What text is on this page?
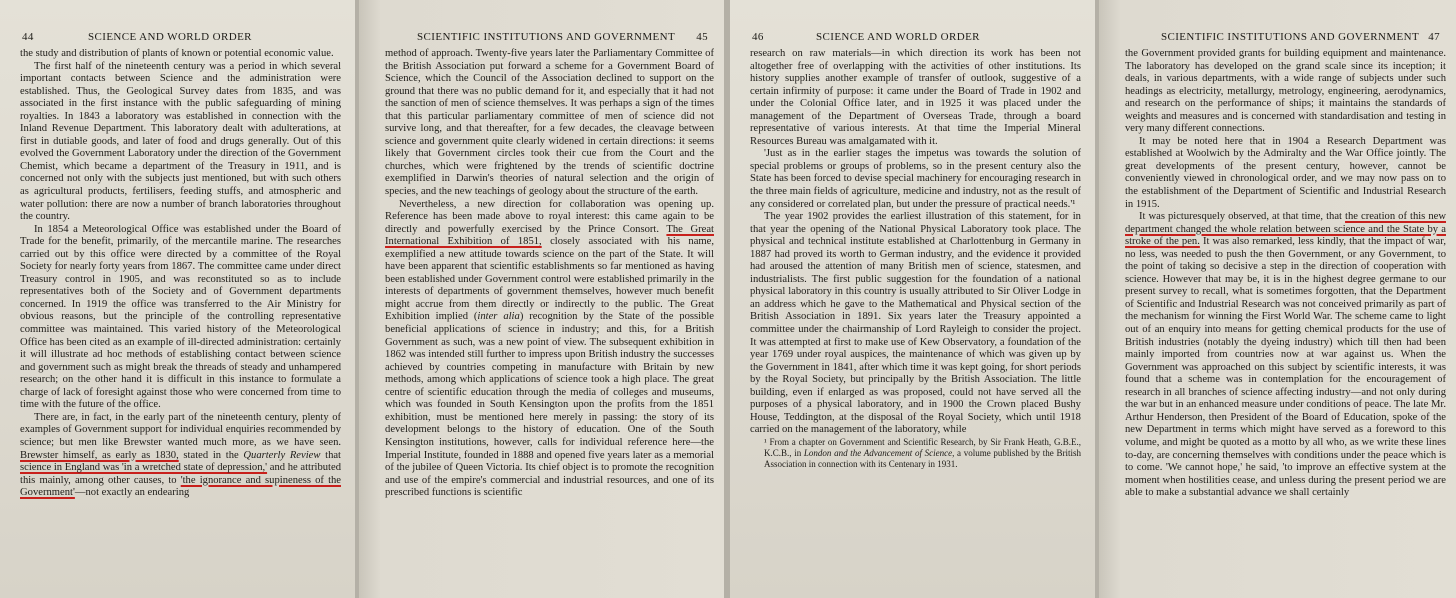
44	SCIENCE AND WORLD ORDER

the study and distribution of plants of known or potential economic value.

The first half of the nineteenth century was a period in which several important contacts between Science and the administration were established. Thus, the Geological Survey dates from 1835, and was associated in the first instance with the public safeguarding of mining royalties. In 1843 a laboratory was established in connection with the Inland Revenue Department. This laboratory dealt with adulterations, at first in dutiable goods, and later of food and drugs generally. Out of this evolved the Government Laboratory under the direction of the Government Chemist, which became a department of the Treasury in 1911, and is concerned not only with the subjects just mentioned, but with such others as agricultural products, fertilisers, feeding stuffs, and atmospheric and water pollution: there are now a number of branch laboratories throughout the country.

In 1854 a Meteorological Office was established under the Board of Trade for the benefit, primarily, of the mercantile marine. The researches carried out by this office were directed by a committee of the Royal Society for nearly forty years from 1867. The committee came under direct Treasury control in 1905, and was reconstituted so as to include representatives both of the Society and of Government departments concerned. In 1919 the office was transferred to the Air Ministry for obvious reasons, but the principle of the controlling representative committee was maintained. This varied history of the Meteorological Office has been cited as an example of ill-directed administration: certainly it will illustrate ad hoc methods of establishing contact between science and government such as might break the threads of steady and unhampered research; on the other hand it is difficult in this instance to formulate a charge of lack of foresight against those who were concerned from time to time with the future of the office.

There are, in fact, in the early part of the nineteenth century, plenty of examples of Government support for individual enquiries recommended by science; but men like Brewster wanted much more, as we have seen. Brewster himself, as early as 1830, stated in the Quarterly Review that science in England was 'in a wretched state of depression,' and he attributed this mainly, among other causes, to 'the ignorance and supineness of the Government'—not exactly an endearing

SCIENTIFIC INSTITUTIONS AND GOVERNMENT 45

method of approach. Twenty-five years later the Parliamentary Committee of the British Association put forward a scheme for a Government Board of Science, which the Council of the Association declined to support on the ground that there was no public demand for it, and especially that it had not the sanction of men of science themselves. It was perhaps a sign of the times that this particular parliamentary committee of men of science did not survive long, and that thereafter, for a few decades, the cleavage between science and government quite clearly widened in certain directions: it seems likely that Government circles took their cue from the Court and the churches, which were frightened by the trends of scientific doctrine exemplified in Darwin's theories of natural selection and the origin of species, and the new teachings of geology about the structure of the earth.

Nevertheless, a new direction for collaboration was opening up. Reference has been made above to royal interest: this came again to be directly and powerfully exercised by the Prince Consort. The Great International Exhibition of 1851, closely associated with his name, exemplified a new attitude towards science on the part of the State. It will have been apparent that scientific establishments so far mentioned as having been established under Government control were established primarily in the interests of departments of government themselves, however much benefit might accrue from them directly or indirectly to the public. The Great Exhibition implied (inter alia) recognition by the State of the possible beneficial applications of science in industry; and this, for a British Government as such, was a new point of view. The subsequent exhibition in 1862 was intended still further to impress upon British industry the successes achieved by countries competing in manufacture with Britain by new methods, among which applications of science took a high place. The great centre of scientific education through the media of colleges and museums, which was founded in South Kensington upon the profits from the 1851 exhibition, must be mentioned here merely in passing: the story of its development belongs to the history of education. One of the South Kensington institutions, however, calls for individual reference here—the Imperial Institute, founded in 1888 and opened five years later as a memorial of the jubilee of Queen Victoria. Its chief object is to promote the recognition and use of the empire's commercial and industrial resources, and one of its prescribed functions is scientific

46	SCIENCE AND WORLD ORDER

research on raw materials—in which direction its work has been not altogether free of overlapping with the activities of other institutions. Its history supplies another example of transfer of outlook, suggestive of a certain infirmity of purpose: it came under the Board of Trade in 1902 and under the Colonial Office later, and in 1925 it was placed under the management of the Department of Overseas Trade, through a board representative of various interests. At that time the Imperial Mineral Resources Bureau was amalgamated with it.

'Just as in the earlier stages the impetus was towards the solution of special problems or groups of problems, so in the present century also the State has been forced to devise special machinery for encouraging research in the three main fields of agriculture, medicine and industry, not as the result of any considered or correlated plan, but under the pressure of practical needs.'¹

The year 1902 provides the earliest illustration of this statement, for in that year the opening of the National Physical Laboratory took place. The physical and technical institute established at Charlottenburg in Germany in 1887 had proved its worth to German industry, and the evidence it provided had aroused the attention of many British men of science, statesmen, and industrialists. The first public suggestion for the foundation of a national physical laboratory in this country is usually attributed to Sir Oliver Lodge in an address which he gave to the Mathematical and Physical section of the British Association in 1891. Six years later the Treasury appointed a committee under the chairmanship of Lord Rayleigh to consider the project. It was attempted at first to make use of Kew Observatory, a foundation of the year 1769 under royal auspices, the maintenance of which was given up by the Government in 1841, after which time it was kept going, for short periods by the Royal Society, but principally by the British Association. The little building, even if enlarged as was proposed, could not have served all the purposes of a physical laboratory, and in 1900 the Crown placed Bushy House, Teddington, at the disposal of the Royal Society, which until 1918 carried on the management of the laboratory, while

¹ From a chapter on Government and Scientific Research, by Sir Frank Heath, G.B.E., K.C.B., in London and the Advancement of Science, a volume published by the British Association in connection with its Centenary in 1931.

SCIENTIFIC INSTITUTIONS AND GOVERNMENT 47

the Government provided grants for building equipment and maintenance. The laboratory has developed on the grand scale since its inception; it deals, in various departments, with a wide range of subjects under such headings as electricity, metallurgy, metrology, engineering, aerodynamics, and research on the performance of ships; it maintains the standards of weights and measures and is concerned with standardisation and testing in very many different connections.

It may be noted here that in 1904 a Research Department was established at Woolwich by the Admiralty and the War Office jointly. The great developments of the present century, however, cannot be conveniently viewed in chronological order, and we may now pass on to the establishment of the Department of Scientific and Industrial Research in 1915.

It was picturesquely observed, at that time, that the creation of this new department changed the whole relation between science and the State by a stroke of the pen. It was also remarked, less kindly, that the impact of war, no less, was needed to push the then Government, or any Government, to the point of taking so decisive a step in the direction of cooperation with science. However that may be, it is in the highest degree germane to our present survey to recall, what is sometimes forgotten, that the Department of Scientific and Industrial Research was not conceived primarily as part of the mechanism for winning the First World War. The scheme came to light out of an enquiry into means for getting chemical products for the use of British industries (notably the dyeing industry) which till then had been mainly imported from countries now at war against us. When the Government was approached on this subject by scientific interests, it was found that a scheme was in contemplation for the encouragement of research in all branches of science affecting industry—and not only during the war but in an enhanced measure under conditions of peace. The late Mr. Arthur Henderson, then President of the Board of Education, spoke of the new Department in terms which might have served as a foreword to this volume, and might be quoted as a motto by all who, as we write these lines to-day, are concerning themselves with conditions under the peace which is to come. 'We cannot hope,' he said, 'to improve an effective system at the moment when hostilities cease, and unless during the present period we are able to make a substantial advance we shall certainly
